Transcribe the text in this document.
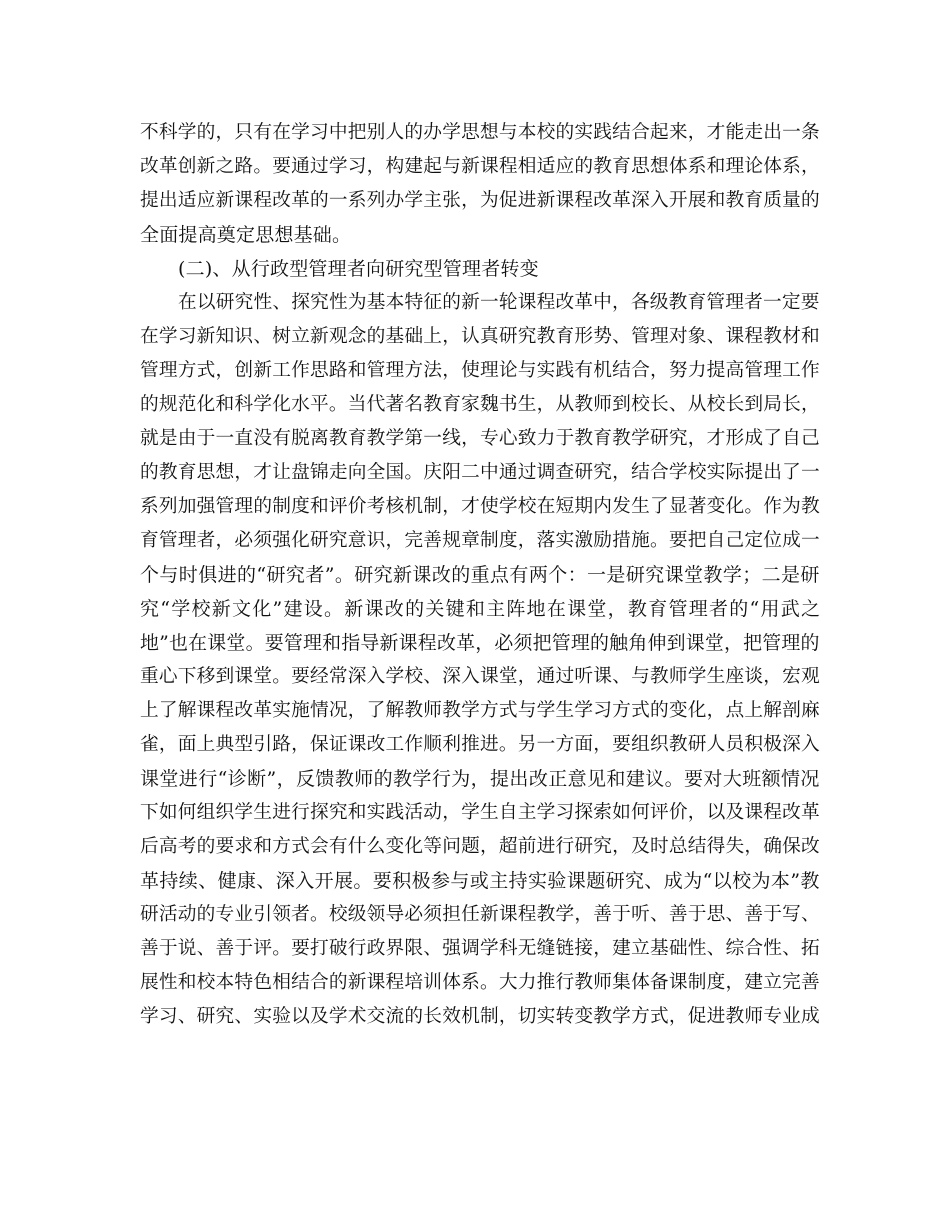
不科学的，只有在学习中把别人的办学思想与本校的实践结合起来，才能走出一条
改革创新之路。要通过学习，构建起与新课程相适应的教育思想体系和理论体系，
提出适应新课程改革的一系列办学主张，为促进新课程改革深入开展和教育质量的
全面提高奠定思想基础。
(二)、从行政型管理者向研究型管理者转变
在以研究性、探究性为基本特征的新一轮课程改革中，各级教育管理者一定要
在学习新知识、树立新观念的基础上，认真研究教育形势、管理对象、课程教材和
管理方式，创新工作思路和管理方法，使理论与实践有机结合，努力提高管理工作
的规范化和科学化水平。当代著名教育家魏书生，从教师到校长、从校长到局长，
就是由于一直没有脱离教育教学第一线，专心致力于教育教学研究，才形成了自己
的教育思想，才让盘锦走向全国。庆阳二中通过调查研究，结合学校实际提出了一
系列加强管理的制度和评价考核机制，才使学校在短期内发生了显著变化。作为教
育管理者，必须强化研究意识，完善规章制度，落实激励措施。要把自己定位成一
个与时俱进的“研究者”。研究新课改的重点有两个：一是研究课堂教学；二是研
究“学校新文化”建设。新课改的关键和主阵地在课堂，教育管理者的“用武之
地”也在课堂。要管理和指导新课程改革，必须把管理的触角伸到课堂，把管理的
重心下移到课堂。要经常深入学校、深入课堂，通过听课、与教师学生座谈，宏观
上了解课程改革实施情况，了解教师教学方式与学生学习方式的变化，点上解剖麻
雀，面上典型引路，保证课改工作顺利推进。另一方面，要组织教研人员积极深入
课堂进行“诊断”，反馈教师的教学行为，提出改正意见和建议。要对大班额情况
下如何组织学生进行探究和实践活动，学生自主学习探索如何评价，以及课程改革
后高考的要求和方式会有什么变化等问题，超前进行研究，及时总结得失，确保改
革持续、健康、深入开展。要积极参与或主持实验课题研究、成为“以校为本”教
研活动的专业引领者。校级领导必须担任新课程教学，善于听、善于思、善于写、
善于说、善于评。要打破行政界限、强调学科无缝链接，建立基础性、综合性、拓
展性和校本特色相结合的新课程培训体系。大力推行教师集体备课制度，建立完善
学习、研究、实验以及学术交流的长效机制，切实转变教学方式，促进教师专业成
